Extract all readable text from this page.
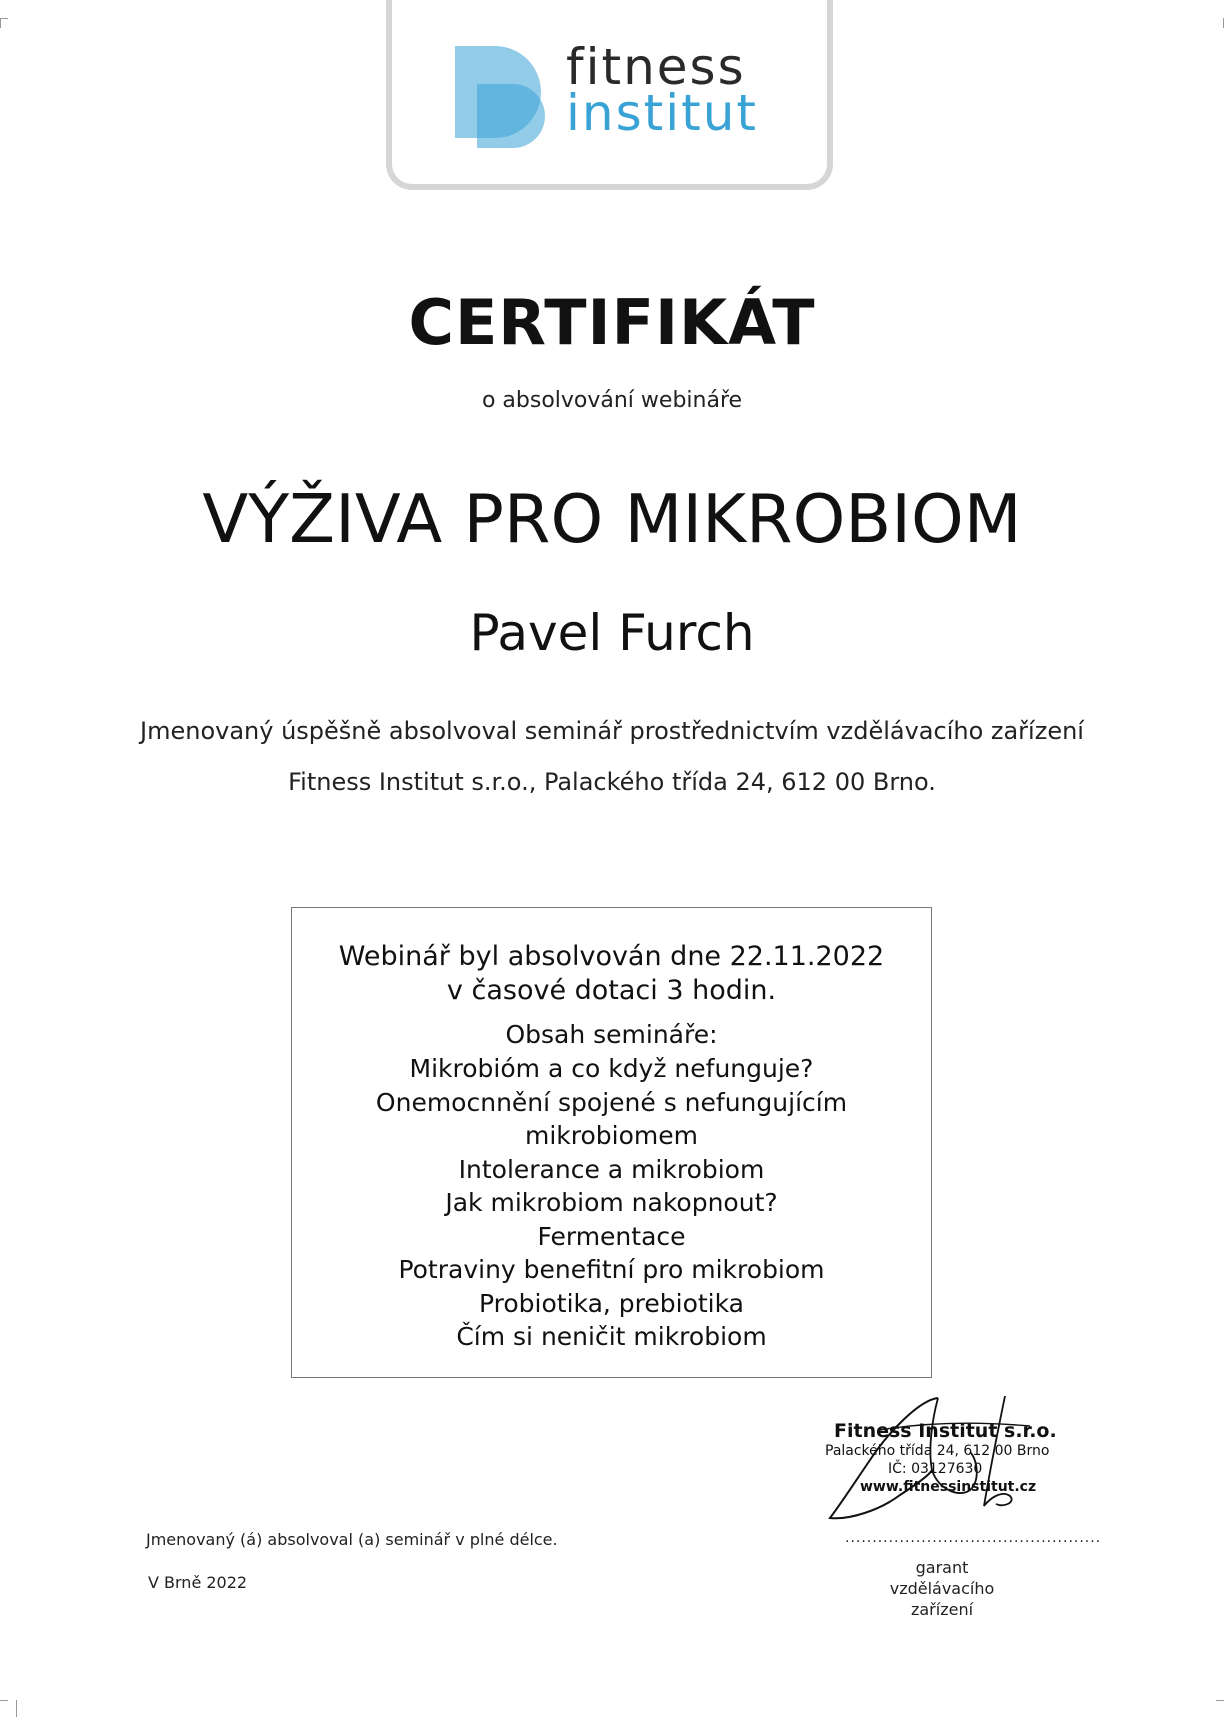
fitness
institut
CERTIFIKÁT
o absolvování webináře
VÝŽIVA PRO MIKROBIOM
Pavel Furch
Jmenovaný úspěšně absolvoval seminář prostřednictvím vzdělávacího zařízení
Fitness Institut s.r.o., Palackého třída 24, 612 00 Brno.
Webinář byl absolvován dne 22.11.2022
v časové dotaci 3 hodin.
Obsah semináře:
Mikrobióm a co když nefunguje?
Onemocnnění spojené s nefungujícím
mikrobiomem
Intolerance a mikrobiom
Jak mikrobiom nakopnout?
Fermentace
Potraviny benefitní pro mikrobiom
Probiotika, prebiotika
Čím si neničit mikrobiom
Fitness Institut s.r.o.
Palackého třída 24, 612 00 Brno
IČ: 03127630
www.fitnessinstitut.cz
...............................................
garant vzdělávacího
zařízení
Jmenovaný (á) absolvoval (a) seminář v plné délce.
V Brně 2022
